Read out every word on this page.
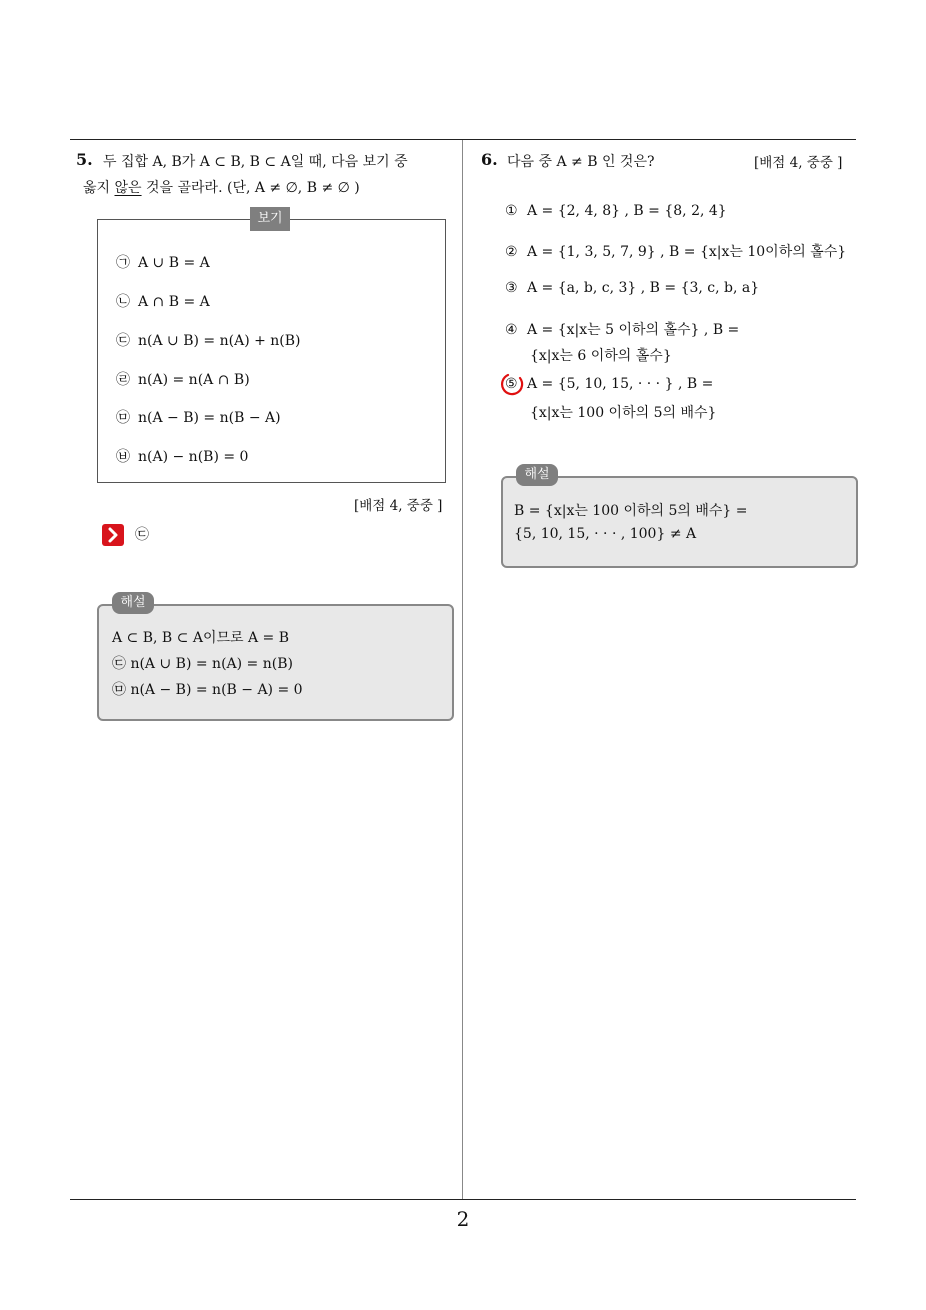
5. 두 집합 A, B가 A ⊂ B, B ⊂ A일 때, 다음 보기 중
옳지 않은 것을 골라라. (단, A ≠ ∅, B ≠ ∅ )
보기
㉠ A ∪ B = A
㉡ A ∩ B = A
㉢ n(A ∪ B) = n(A) + n(B)
㉣ n(A) = n(A ∩ B)
㉤ n(A − B) = n(B − A)
㉥ n(A) − n(B) = 0
[배점 4, 중중 ]
㉢
해설
A ⊂ B, B ⊂ A이므로 A = B
㉢ n(A ∪ B) = n(A) = n(B)
㉤ n(A − B) = n(B − A) = 0
6. 다음 중 A ≠ B 인 것은?	[배점 4, 중중 ]
① A = {2, 4, 8} , B = {8, 2, 4}
② A = {1, 3, 5, 7, 9} , B = {x|x는 10이하의 홀수}
③ A = {a, b, c, 3} , B = {3, c, b, a}
④ A = {x|x는 5 이하의 홀수} , B =
{x|x는 6 이하의 홀수}
⑤ A = {5, 10, 15, · · · } , B =
{x|x는 100 이하의 5의 배수}
해설
B = {x|x는 100 이하의 5의 배수} =
{5, 10, 15, · · · , 100} ≠ A
2
